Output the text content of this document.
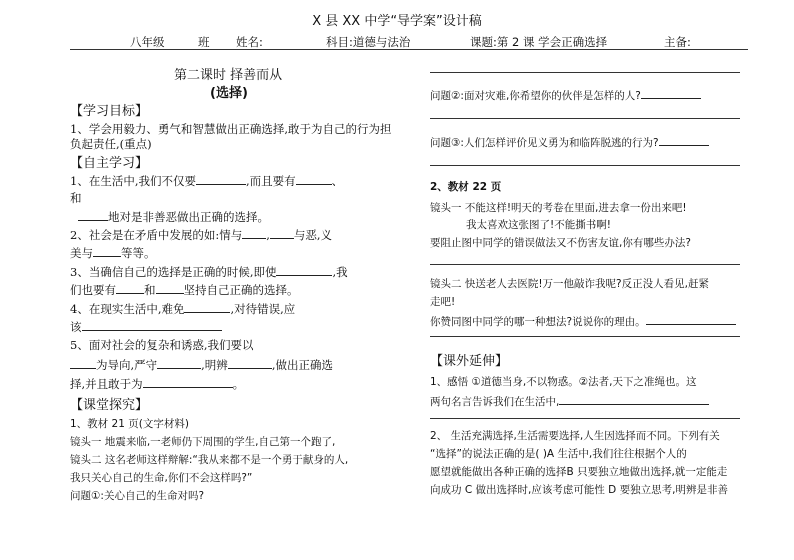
X 县 XX 中学“导学案”设计稿
八年级	班 姓名:	科目:道德与法治	课题:第 2 课 学会正确选择	主备:
第二课时 择善而从
(选择)
【学习目标】
1、学会用毅力、勇气和智慧做出正确选择,敢于为自己的行为担
负起责任,(重点)
【自主学习】
1、在生活中,我们不仅要	,而且要有	、
和
地对是非善恶做出正确的选择。
2、社会是在矛盾中发展的如:情与 , 与恶,义
美与 等等。
3、当确信自己的选择是正确的时候,即使	,我
们也要有 和 坚持自己正确的选择。
4、在现实生活中,难免	,对待错误,应
该
5、面对社会的复杂和诱惑,我们要以
为导向,严守	,明辨	,做出正确选
择,并且敢于为	。
【课堂探究】
1、教材 21 页(文字材料)
镜头一 地震来临,一老师仍下周围的学生,自己第一个跑了,
镜头二 这名老师这样辩解:“我从来都不是一个勇于献身的人,
我只关心自己的生命,你们不会这样吗?”
问题①:关心自己的生命对吗?
问题②:面对灾难,你希望你的伙伴是怎样的人?
问题③:人们怎样评价见义勇为和临阵脱逃的行为?
2、教材 22 页
镜头一 不能这样!明天的考卷在里面,进去拿一份出来吧!
我太喜欢这张图了!不能撕书啊!
要阻止图中同学的错误做法又不伤害友谊,你有哪些办法?
镜头二 快送老人去医院!万一他敲诈我呢?反正没人看见,赶紧
走吧!
你赞同图中同学的哪一种想法?说说你的理由。
【课外延伸】
1、感悟 ①道德当身,不以物惑。②法者,天下之准绳也。这
两句名言告诉我们在生活中,
2、 生活充满选择,生活需要选择,人生因选择而不同。下列有关
“选择”的说法正确的是( )A 生活中,我们往往根据个人的
愿望就能做出各种正确的选择B 只要独立地做出选择,就一定能走
向成功 C 做出选择时,应该考虑可能性 D 要独立思考,明辨是非善
